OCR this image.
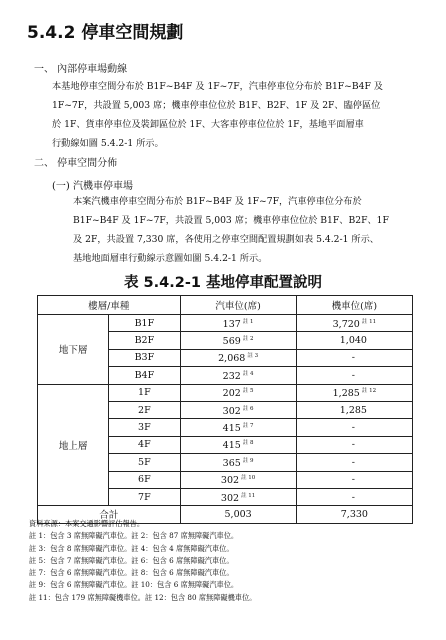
5.4.2 停車空間規劃
一、 內部停車場動線
本基地停車空間分布於 B1F~B4F 及 1F~7F，汽車停車位分布於 B1F~B4F 及
1F~7F，共設置 5,003 席；機車停車位位於 B1F、B2F、1F 及 2F、臨停區位
於 1F、貨車停車位及裝卸區位於 1F、大客車停車位位於 1F，基地平面層車
行動線如圖 5.4.2-1 所示。
二、 停車空間分佈
(一) 汽機車停車場
本案汽機車停車空間分布於 B1F~B4F 及 1F~7F，汽車停車位分布於
B1F~B4F 及 1F~7F，共設置 5,003 席；機車停車位位於 B1F、B2F、1F
及 2F，共設置 7,330 席，各使用之停車空間配置規劃如表 5.4.2-1 所示、
基地地面層車行動線示意圖如圖 5.4.2-1 所示。
表 5.4.2-1 基地停車配置說明
樓層/車種		汽車位(席)	機車位(席)
地下層	B1F	137 $^{註 1}$	3,720 $^{註 11}$
	B2F	569 $^{註 2}$	1,040
	B3F	2,068 $^{註 3}$	-
	B4F	232 $^{註 4}$	-
地上層	1F	202 $^{註 5}$	1,285 $^{註 12}$
	2F	302 $^{註 6}$	1,285
	3F	415 $^{註 7}$	-
	4F	415 $^{註 8}$	-
	5F	365 $^{註 9}$	-
	6F	302 $^{註 10}$	-
	7F	302 $^{註 11}$	-
合計		5,003	7,330
資料來源：本案交通影響評估報告。
註 1：包含 3 席無障礙汽車位。註 2：包含 87 席無障礙汽車位。
註 3：包含 8 席無障礙汽車位。註 4：包含 4 席無障礙汽車位。
註 5：包含 7 席無障礙汽車位。註 6：包含 6 席無障礙汽車位。
註 7：包含 6 席無障礙汽車位。註 8：包含 6 席無障礙汽車位。
註 9：包含 6 席無障礙汽車位。註 10：包含 6 席無障礙汽車位。
註 11：包含 179 席無障礙機車位。註 12：包含 80 席無障礙機車位。
